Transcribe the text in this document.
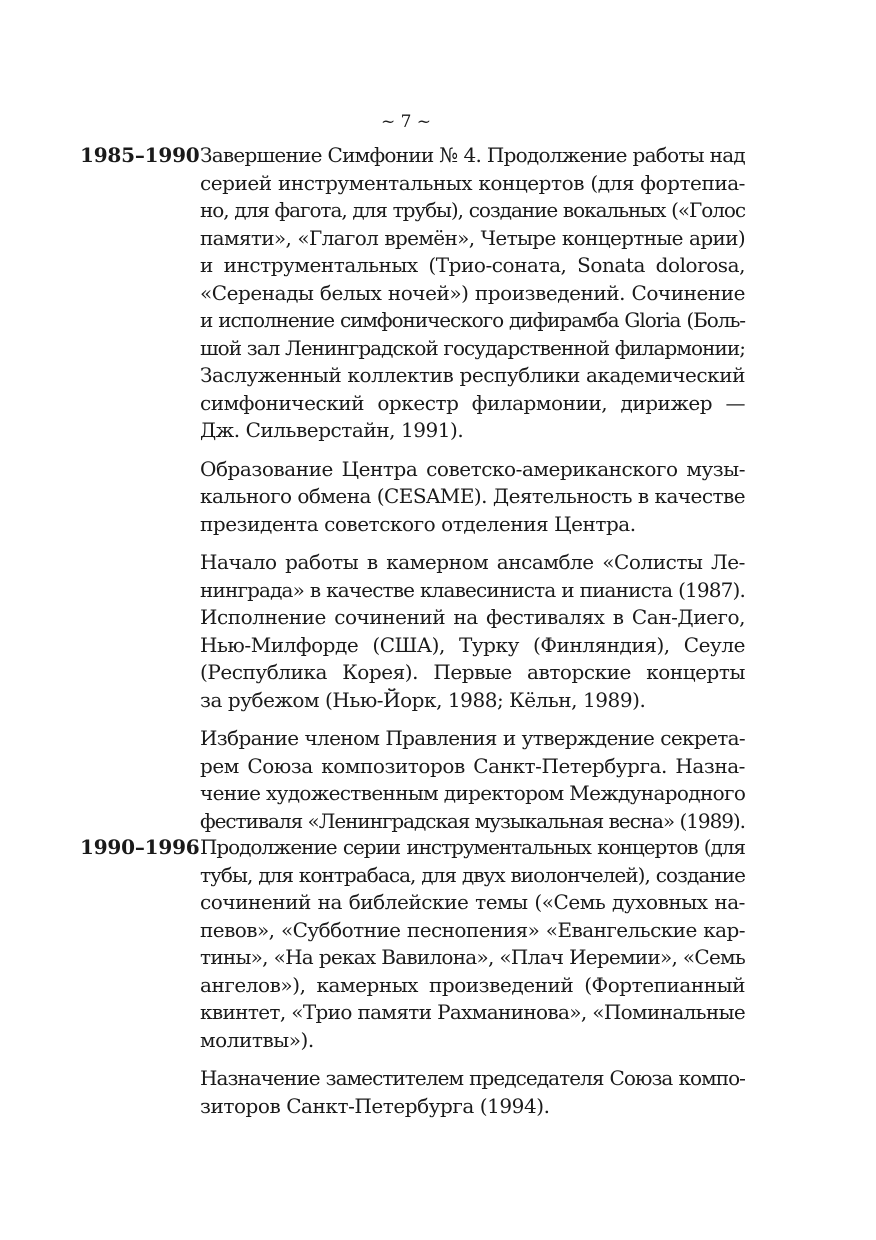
~ 7 ~
1985–1990 Завершение Симфонии № 4. Продолжение работы над
серией инструментальных концертов (для фортепиа-
но, для фагота, для трубы), создание вокальных («Голос
памяти», «Глагол времён», Четыре концертные арии)
и инструментальных (Трио-соната, Sonata dolorosa,
«Серенады белых ночей») произведений. Сочинение
и исполнение симфонического дифирамба Gloria (Боль-
шой зал Ленинградской государственной филармонии;
Заслуженный коллектив республики академический
симфонический оркестр филармонии, дирижер —
Дж. Сильверстайн, 1991).

Образование Центра советско-американского музы-
кального обмена (CESAME). Деятельность в качестве
президента советского отделения Центра.

Начало работы в камерном ансамбле «Солисты Ле-
нинграда» в качестве клавесиниста и пианиста (1987).
Исполнение сочинений на фестивалях в Сан-Диего,
Нью-Милфорде (США), Турку (Финляндия), Сеуле
(Республика Корея). Первые авторские концерты
за рубежом (Нью-Йорк, 1988; Кёльн, 1989).

Избрание членом Правления и утверждение секрета-
рем Союза композиторов Санкт-Петербурга. Назна-
чение художественным директором Международного
фестиваля «Ленинградская музыкальная весна» (1989).

1990–1996 Продолжение серии инструментальных концертов (для
тубы, для контрабаса, для двух виолончелей), создание
сочинений на библейские темы («Семь духовных на-
певов», «Субботние песнопения» «Евангельские кар-
тины», «На реках Вавилона», «Плач Иеремии», «Семь
ангелов»), камерных произведений (Фортепианный
квинтет, «Трио памяти Рахманинова», «Поминальные
молитвы»).

Назначение заместителем председателя Союза компо-
зиторов Санкт-Петербурга (1994).
